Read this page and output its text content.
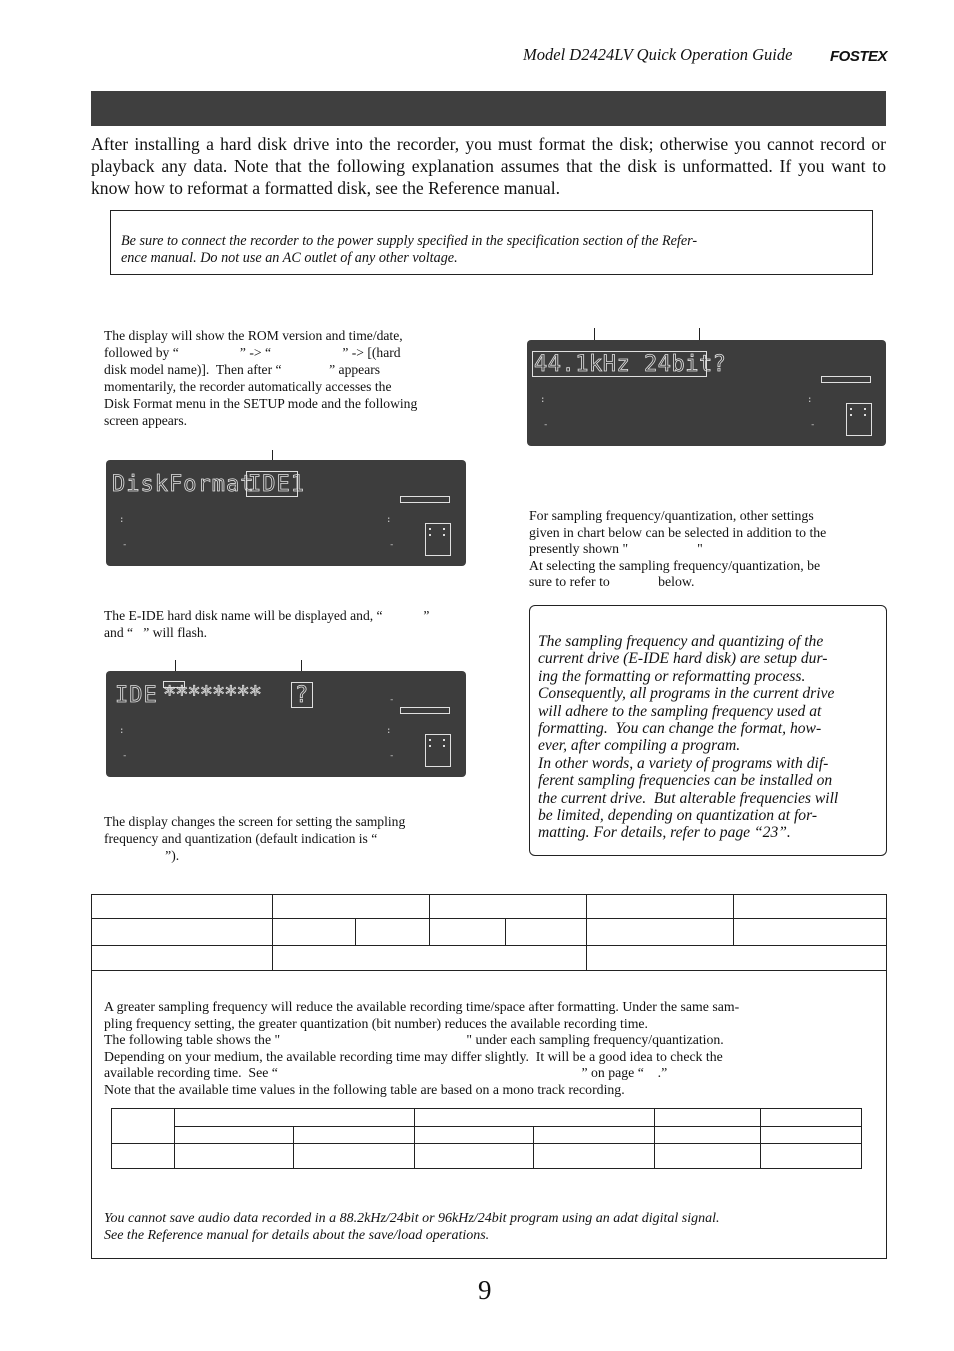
Model D2424LV Quick Operation Guide	FOSTEX
After installing a hard disk drive into the recorder, you must format the disk; otherwise you cannot record or playback any data. Note that the following explanation assumes that the disk is unformatted. If you want to know how to reformat a formatted disk, see the Reference manual.
Be sure to connect the recorder to the power supply specified in the specification section of the Refer-
ence manual. Do not use an AC outlet of any other voltage.
The display will show the ROM version and time/date,
followed by “                  ” -> “                     ” -> [(hard
disk model name)].  Then after “              ” appears
momentarily, the recorder automatically accesses the
Disk Format menu in the SETUP mode and the following
screen appears.
DiskFormat
IDE1
:	:
-	-
The E-IDE hard disk name will be displayed and, “            ”
and “   ” will flash.
IDE ******** ?	-
:	:
-	-
The display changes the screen for setting the sampling
frequency and quantization (default indication is “
”).
44.1kHz 24bit?
:	:
-	-
For sampling frequency/quantization, other settings
given in chart below can be selected in addition to the
presently shown "                    "
At selecting the sampling frequency/quantization, be
sure to refer to              below.
The sampling frequency and quantizing of the
current drive (E-IDE hard disk) are setup dur-
ing the formatting or reformatting process.
Consequently, all programs in the current drive
will adhere to the sampling frequency used at
formatting.  You can change the format, how-
ever, after compiling a program.
In other words, a variety of programs with dif-
ferent sampling frequencies can be installed on
the current drive.  But alterable frequencies will
be limited, depending on quantization at for-
matting. For details, refer to page “23”.
A greater sampling frequency will reduce the available recording time/space after formatting. Under the same sam-
pling frequency setting, the greater quantization (bit number) reduces the available recording time.
The following table shows the "                                                      " under each sampling frequency/quantization.
Depending on your medium, the available recording time may differ slightly.  It will be a good idea to check the
available recording time.  See “                                                                                        ” on page “    .”
Note that the available time values in the following table are based on a mono track recording.
You cannot save audio data recorded in a 88.2kHz/24bit or 96kHz/24bit program using an adat digital signal.
See the Reference manual for details about the save/load operations.
9
